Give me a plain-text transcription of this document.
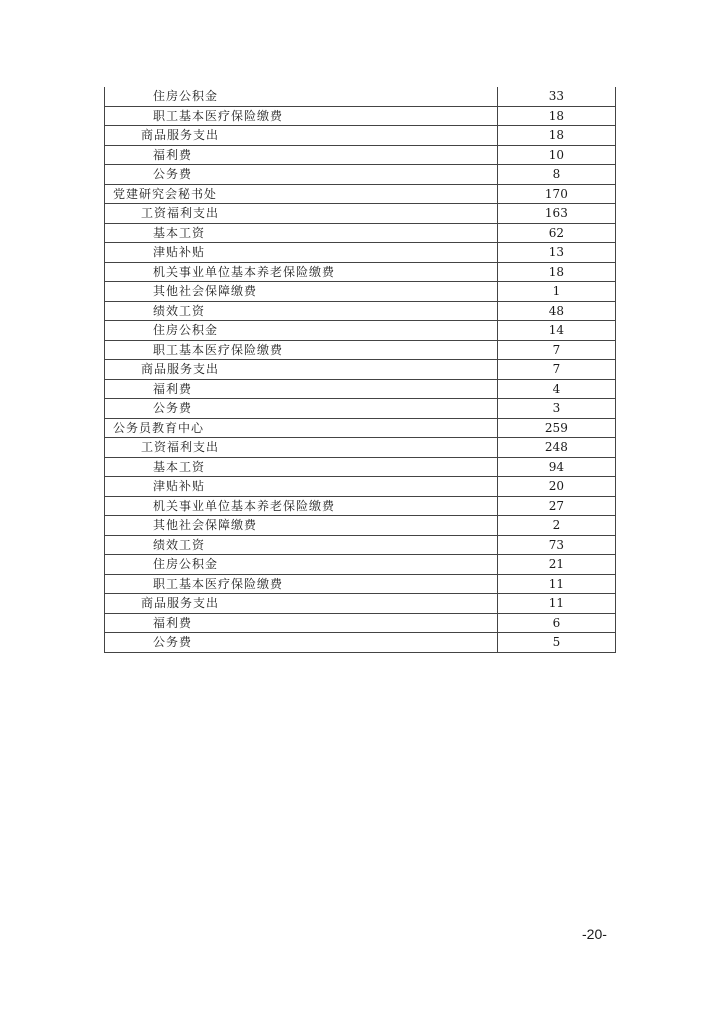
住房公积金	33
职工基本医疗保险缴费	18
商品服务支出	18
福利费	10
公务费	8
党建研究会秘书处	170
工资福利支出	163
基本工资	62
津贴补贴	13
机关事业单位基本养老保险缴费	18
其他社会保障缴费	1
绩效工资	48
住房公积金	14
职工基本医疗保险缴费	7
商品服务支出	7
福利费	4
公务费	3
公务员教育中心	259
工资福利支出	248
基本工资	94
津贴补贴	20
机关事业单位基本养老保险缴费	27
其他社会保障缴费	2
绩效工资	73
住房公积金	21
职工基本医疗保险缴费	11
商品服务支出	11
福利费	6
公务费	5
-20-
